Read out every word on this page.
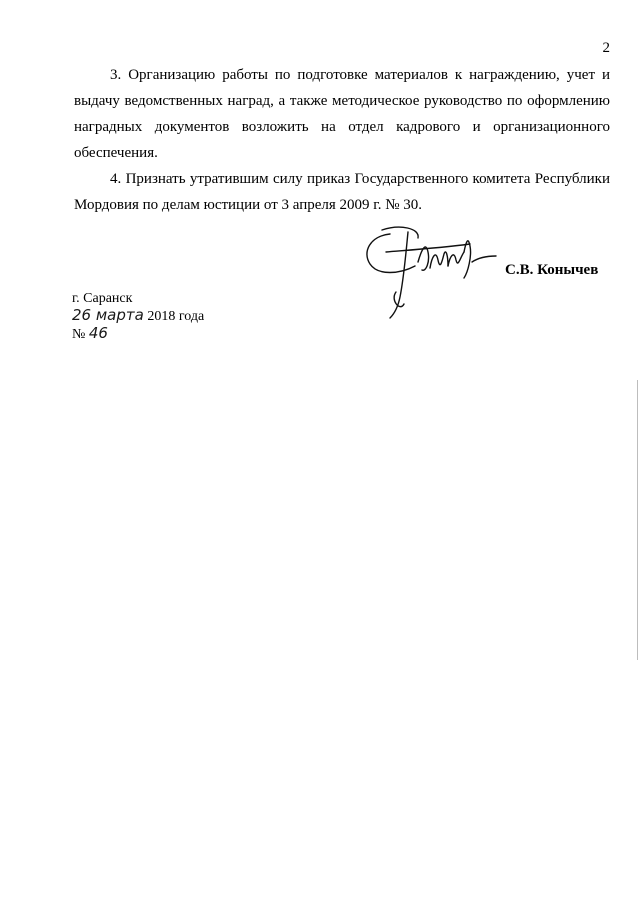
2

3. Организацию работы по подготовке материалов к награждению, учет и выдачу ведомственных наград, а также методическое руководство по оформлению наградных документов возложить на отдел кадрового и организационного обеспечения.

4. Признать утратившим силу приказ Государственного комитета Республики Мордовия по делам юстиции от 3 апреля 2009 г. № 30.

С.В. Конычев
г. Саранск
26 марта 2018 года
№ 46
